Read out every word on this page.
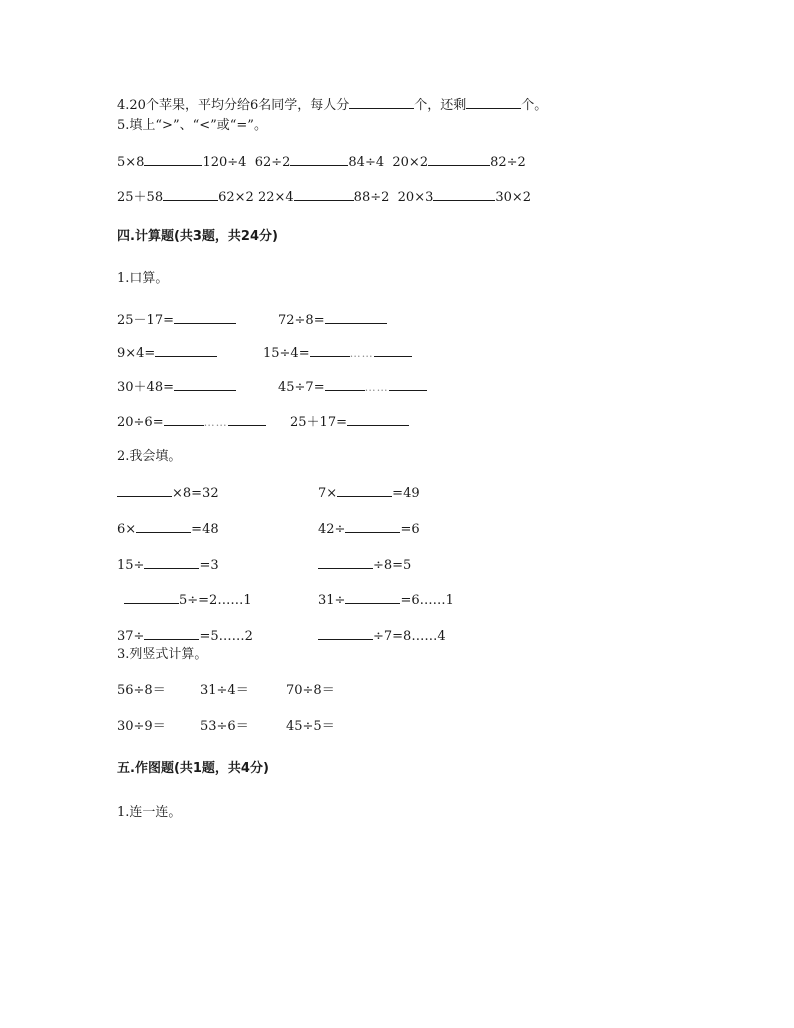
4.20个苹果，平均分给6名同学，每人分	个，还剩	个。
5.填上“>”、“<”或“=”。
5×8	120÷4 62÷2	84÷4 20×2	82÷2
25＋58	62×2 22×4	88÷2 20×3	30×2
四.计算题(共3题，共24分)
1.口算。
25－17=	72÷8=
9×4=	15÷4=	……
30＋48=	45÷7=	……
20÷6=	……	25＋17=
2.我会填。
×8=32	7×	=49
6×	=48	42÷	=6
15÷	=3	÷8=5
5÷=2……1	31÷	=6……1
37÷	=5……2	÷7=8……4
3.列竖式计算。
56÷8＝	31÷4＝	70÷8＝
30÷9＝	53÷6＝	45÷5＝
五.作图题(共1题，共4分)
1.连一连。
